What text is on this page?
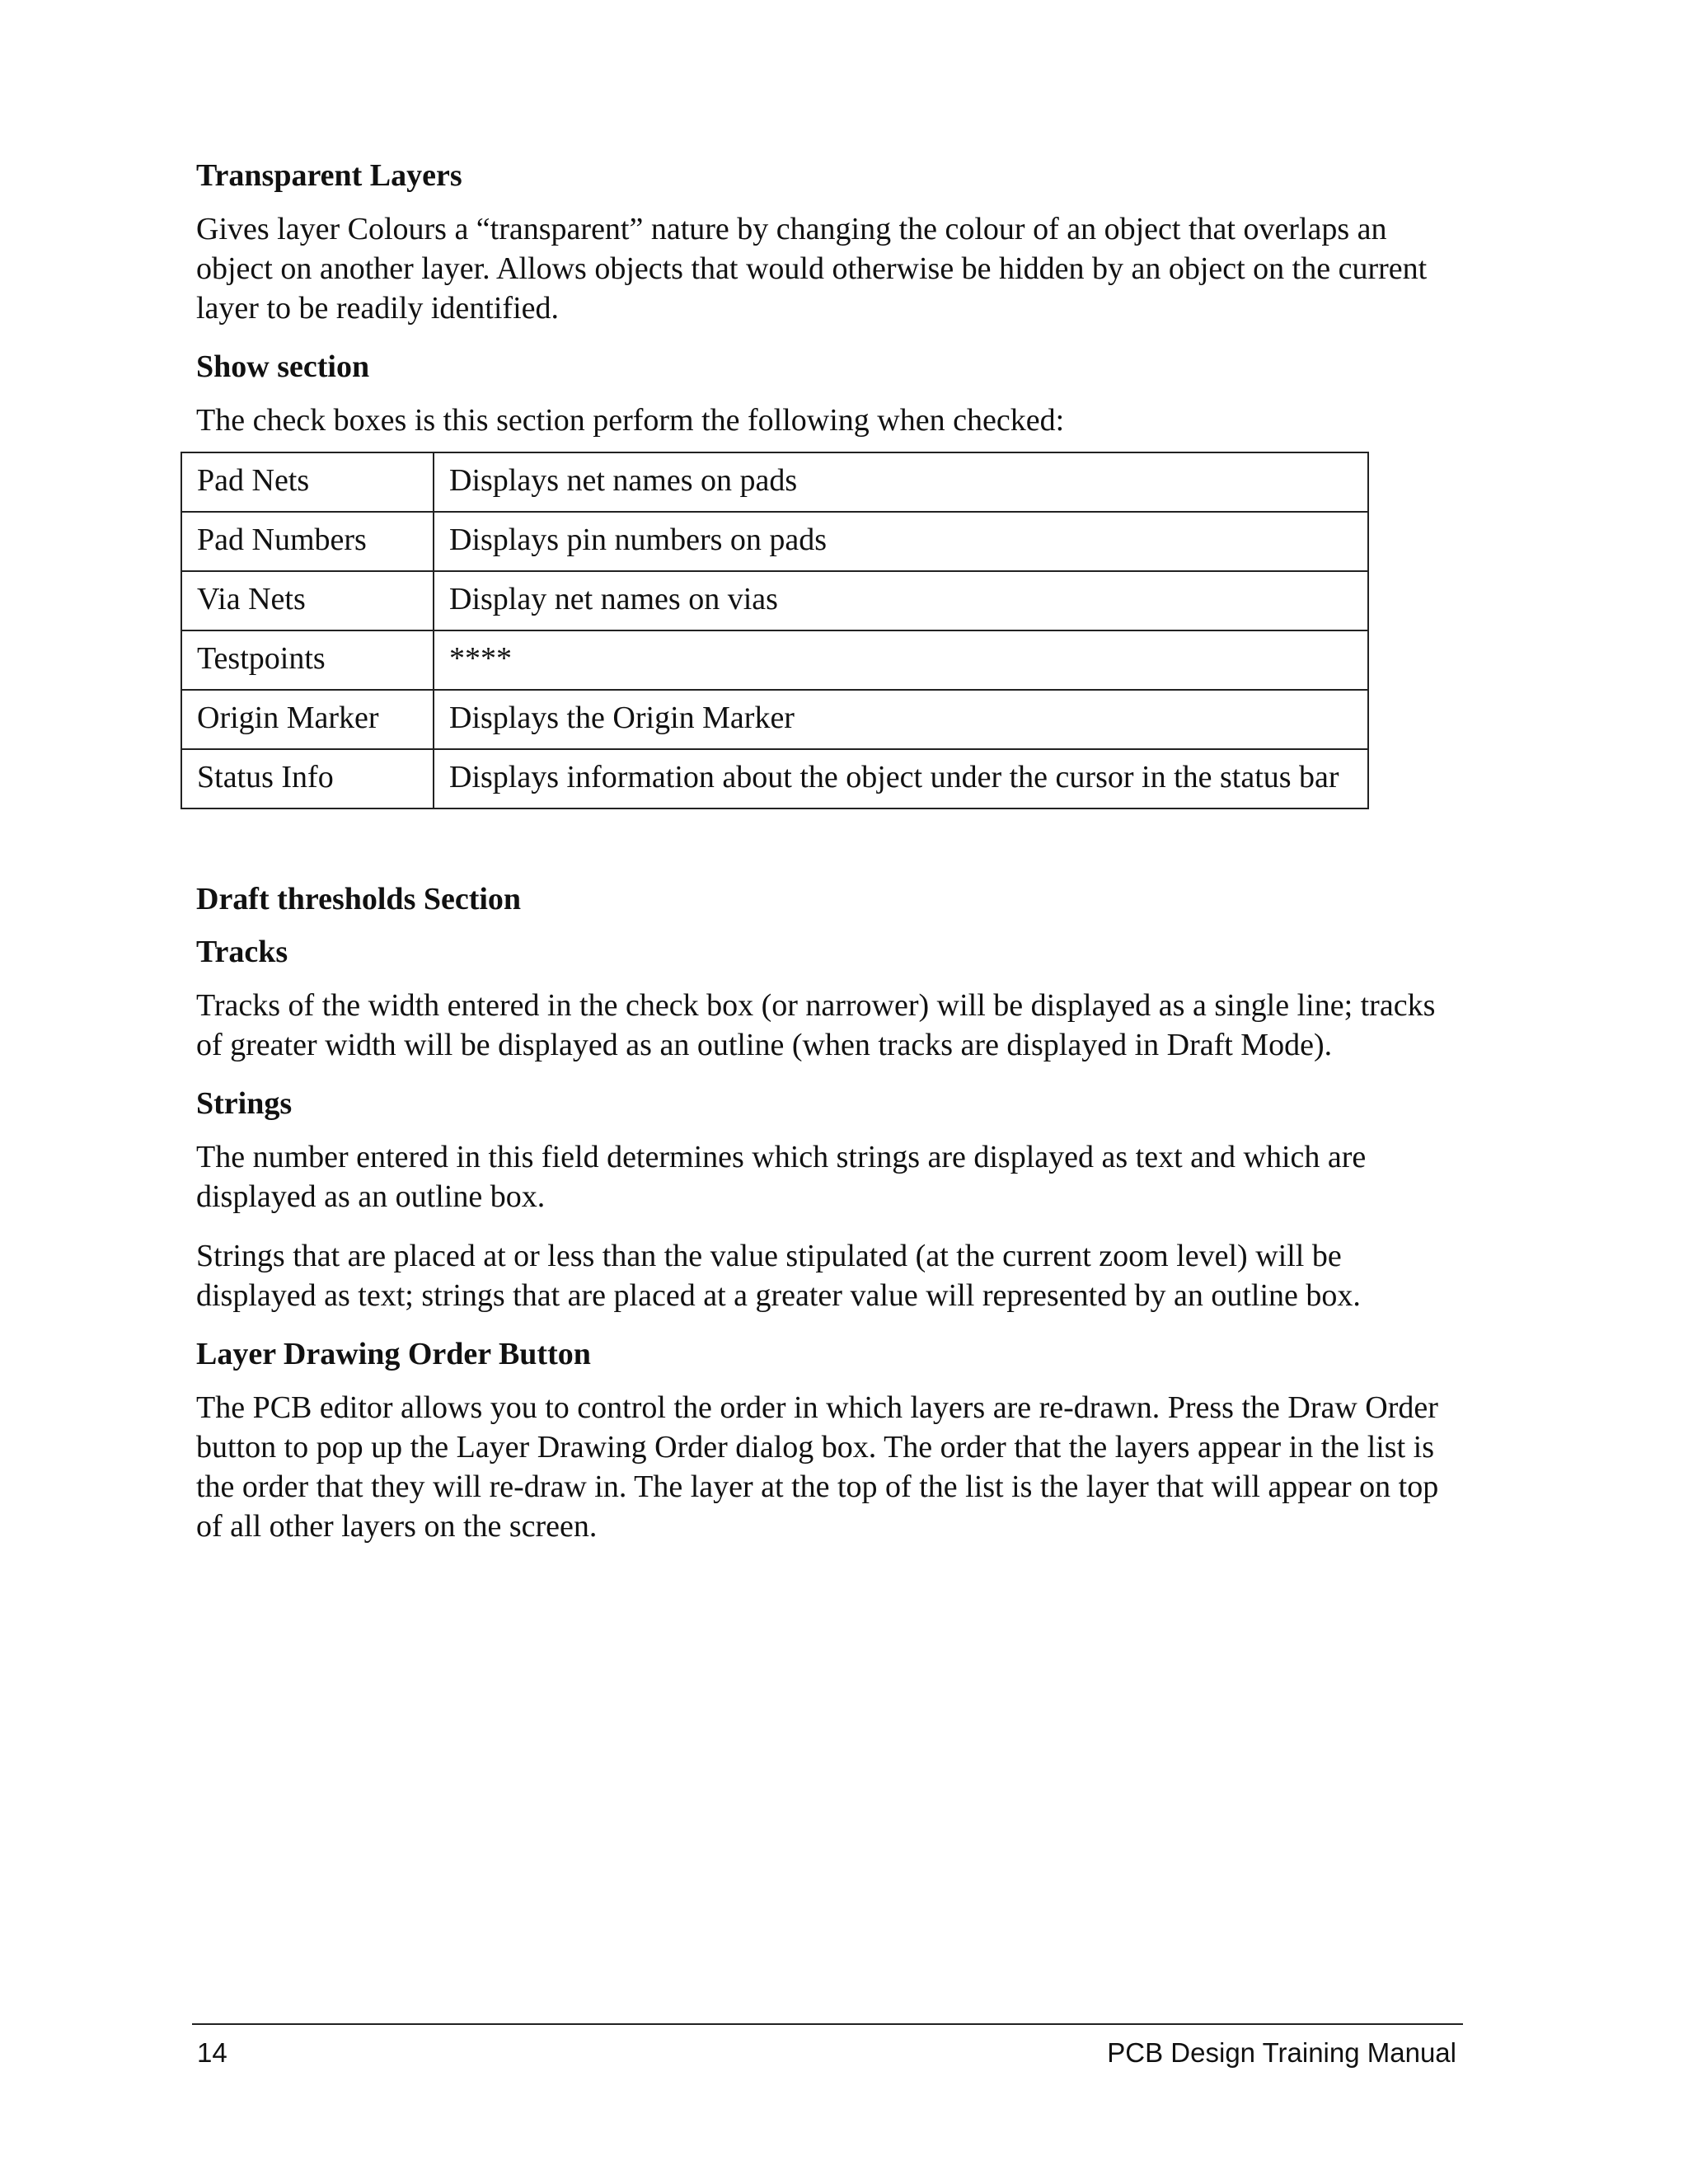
Transparent Layers

Gives layer Colours a “transparent” nature by changing the colour of an object that overlaps an object on another layer. Allows objects that would otherwise be hidden by an object on the current layer to be readily identified.

Show section

The check boxes is this section perform the following when checked:

Pad Nets	Displays net names on pads
Pad Numbers	Displays pin numbers on pads
Via Nets	Display net names on vias
Testpoints	****
Origin Marker	Displays the Origin Marker
Status Info	Displays information about the object under the cursor in the status bar
Draft thresholds Section
Tracks

Tracks of the width entered in the check box (or narrower) will be displayed as a single line; tracks of greater width will be displayed as an outline (when tracks are displayed in Draft Mode).

Strings

The number entered in this field determines which strings are displayed as text and which are displayed as an outline box.

Strings that are placed at or less than the value stipulated (at the current zoom level) will be displayed as text; strings that are placed at a greater value will represented by an outline box.

Layer Drawing Order Button

The PCB editor allows you to control the order in which layers are re-drawn. Press the Draw Order button to pop up the Layer Drawing Order dialog box. The order that the layers appear in the list is the order that they will re-draw in. The layer at the top of the list is the layer that will appear on top of all other layers on the screen.

14	PCB Design Training Manual
